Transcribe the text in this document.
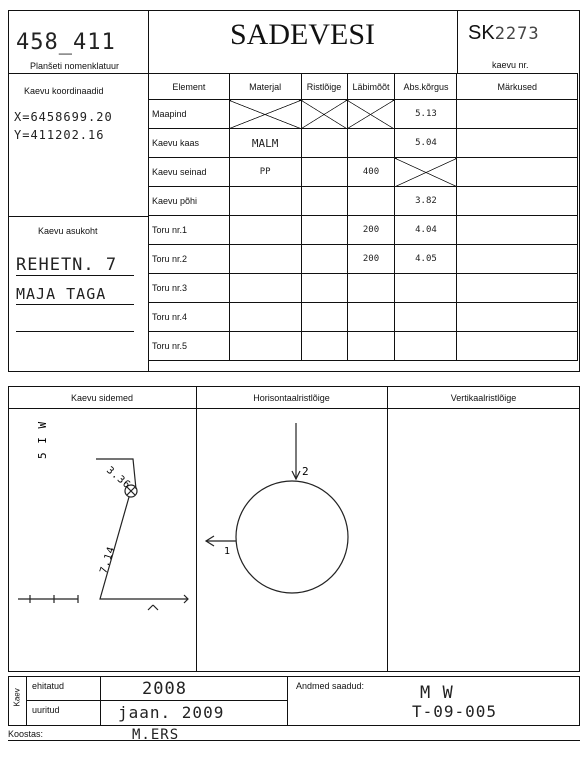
458_411
Planšeti nomenklatuur
SADEVESI	SK2273
kaevu nr.
Kaevu koordinaadid
X=6458699.20
Y=411202.16
Kaevu asukoht
REHETN. 7
MAJA TAGA
Element	Materjal	Ristlõige	Läbimõõt	Abs.kõrgus	Märkused
Maapind				5.13	
Kaevu kaas	MALM			5.04	
Kaevu seinad	PP		400		
Kaevu põhi				3.82	
Toru nr.1			200	4.04	
Toru nr.2			200	4.05	
Toru nr.3					
Toru nr.4					
Toru nr.5					
Kaevu sidemed	Horisontaalristlõige	Vertikaalristlõige
3.36
7.14
5 I W
2
1
Kaev
ehitatud	2008
uuritud	jaan. 2009
Andmed saadud:	M W
T-09-005
Koostas:	M.ERS
